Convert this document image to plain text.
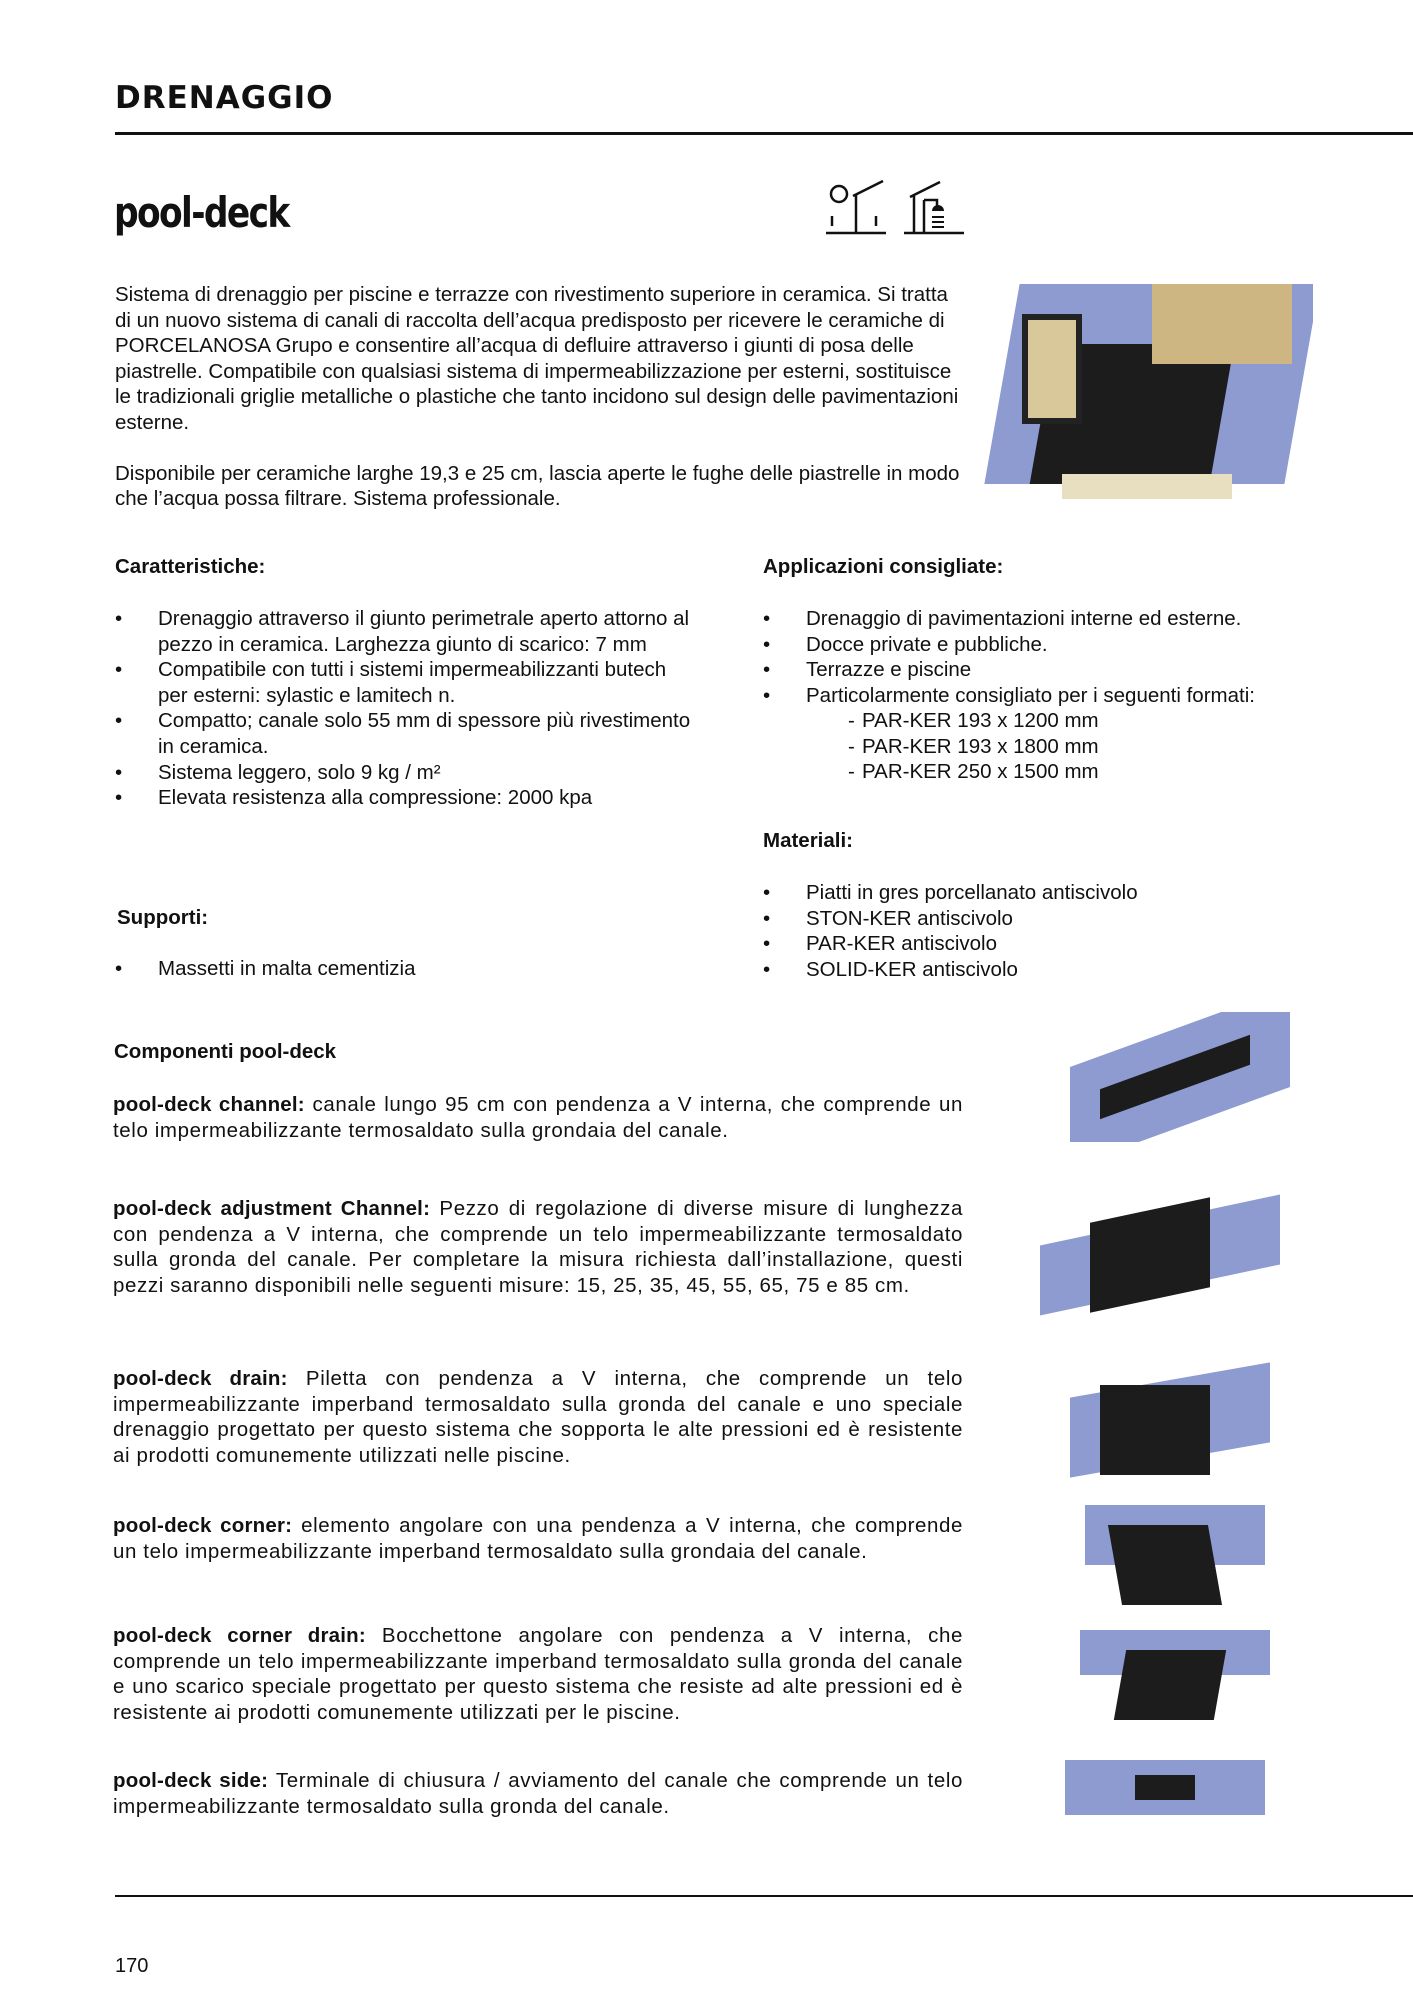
DRENAGGIO
pool-deck

Sistema di drenaggio per piscine e terrazze con rivestimento superiore in ceramica. Si tratta di un nuovo sistema di canali di raccolta dell’acqua predisposto per ricevere le ceramiche di PORCELANOSA Grupo e consentire all’acqua di defluire attraverso i giunti di posa delle piastrelle. Compatibile con qualsiasi sistema di impermeabilizzazione per esterni, sostituisce le tradizionali griglie metalliche o plastiche che tanto incidono sul design delle pavimentazioni esterne.

Disponibile per ceramiche larghe 19,3 e 25 cm, lascia aperte le fughe delle piastrelle in modo che l’acqua possa filtrare. Sistema professionale.

Caratteristiche:
• Drenaggio attraverso il giunto perimetrale aperto attorno al pezzo in ceramica. Larghezza giunto di scarico: 7 mm
• Compatibile con tutti i sistemi impermeabilizzanti butech per esterni: sylastic e lamitech n.
• Compatto; canale solo 55 mm di spessore più rivestimento in ceramica.
• Sistema leggero, solo 9 kg / m²
• Elevata resistenza alla compressione: 2000 kpa
Supporti:
• Massetti in malta cementizia
Applicazioni consigliate:
• Drenaggio di pavimentazioni interne ed esterne.
• Docce private e pubbliche.
• Terrazze e piscine
• Particolarmente consigliato per i seguenti formati:
- PAR-KER 193 x 1200 mm
- PAR-KER 193 x 1800 mm
- PAR-KER 250 x 1500 mm
Materiali:
• Piatti in gres porcellanato antiscivolo
• STON-KER antiscivolo
• PAR-KER antiscivolo
• SOLID-KER antiscivolo
Componenti pool-deck
pool-deck channel: canale lungo 95 cm con pendenza a V interna, che comprende un telo impermeabilizzante termosaldato sulla grondaia del canale.
pool-deck adjustment Channel: Pezzo di regolazione di diverse misure di lunghezza con pendenza a V interna, che comprende un telo impermeabilizzante termosaldato sulla gronda del canale. Per completare la misura richiesta dall’installazione, questi pezzi saranno disponibili nelle seguenti misure: 15, 25, 35, 45, 55, 65, 75 e 85 cm.
pool-deck drain: Piletta con pendenza a V interna, che comprende un telo impermeabilizzante imperband termosaldato sulla gronda del canale e uno speciale drenaggio progettato per questo sistema che sopporta le alte pressioni ed è resistente ai prodotti comunemente utilizzati nelle piscine.
pool-deck corner: elemento angolare con una pendenza a V interna, che comprende un telo impermeabilizzante imperband termosaldato sulla grondaia del canale.
pool-deck corner drain: Bocchettone angolare con pendenza a V interna, che comprende un telo impermeabilizzante imperband termosaldato sulla gronda del canale e uno scarico speciale progettato per questo sistema che resiste ad alte pressioni ed è resistente ai prodotti comunemente utilizzati per le piscine.
pool-deck side: Terminale di chiusura / avviamento del canale che comprende un telo impermeabilizzante termosaldato sulla gronda del canale.
170
